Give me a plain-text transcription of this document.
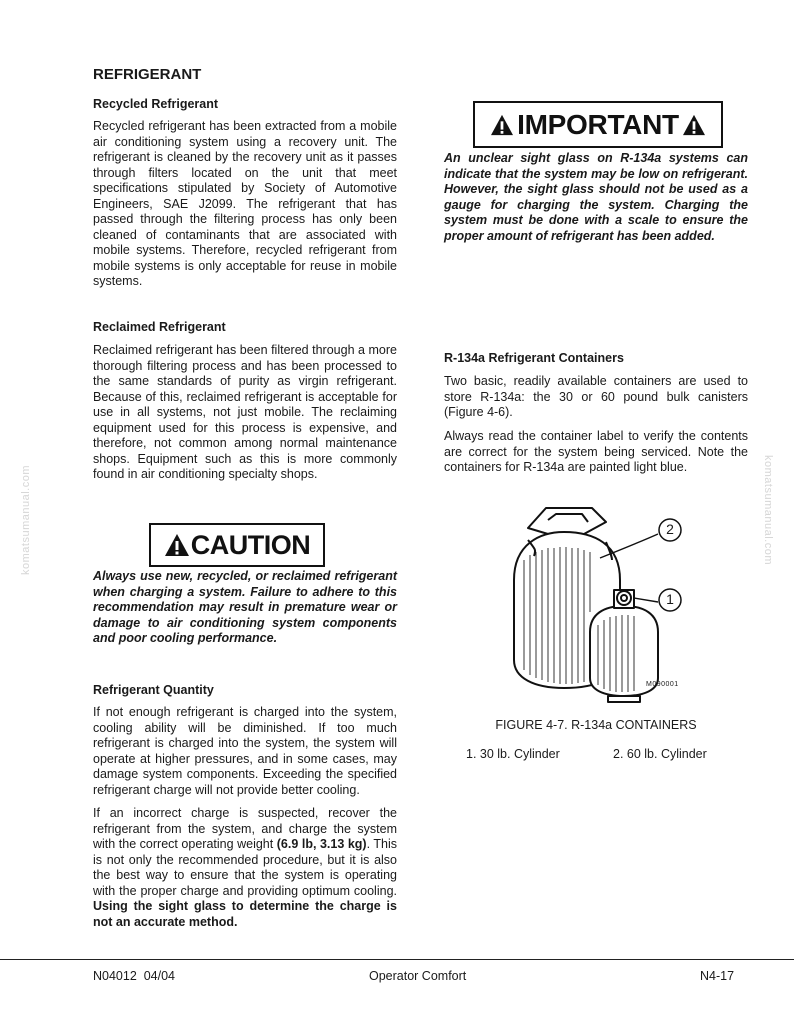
komatsumanual.com	komatsumanual.com
REFRIGERANT
Recycled Refrigerant
Recycled refrigerant has been extracted from a mobile air conditioning system using a recovery unit. The refrigerant is cleaned by the recovery unit as it passes through filters located on the unit that meet specifications stipulated by Society of Automotive Engineers, SAE J2099. The refrigerant that has passed through the filtering process has only been cleaned of contaminants that are associated with mobile systems. Therefore, recycled refrigerant from mobile systems is only acceptable for reuse in mobile systems.
Reclaimed Refrigerant
Reclaimed refrigerant has been filtered through a more thorough filtering process and has been processed to the same standards of purity as virgin refrigerant. Because of this, reclaimed refrigerant is acceptable for use in all systems, not just mobile. The reclaiming equipment used for this process is expensive, and therefore, not common among normal maintenance shops. Equipment such as this is more commonly found in air conditioning specialty shops.
CAUTION
Always use new, recycled, or reclaimed refrigerant when charging a system. Failure to adhere to this recommendation may result in premature wear or damage to air conditioning system components and poor cooling performance.
Refrigerant Quantity
If not enough refrigerant is charged into the system, cooling ability will be diminished. If too much refrigerant is charged into the system, the system will operate at higher pressures, and in some cases, may damage system components. Exceeding the specified refrigerant charge will not provide better cooling.
If an incorrect charge is suspected, recover the refrigerant from the system, and charge the system with the correct operating weight (6.9 lb, 3.13 kg). This is not only the recommended procedure, but it is also the best way to ensure that the system is operating with the proper charge and providing optimum cooling. Using the sight glass to determine the charge is not an accurate method.
IMPORTANT
An unclear sight glass on R-134a systems can indicate that the system may be low on refrigerant. However, the sight glass should not be used as a gauge for charging the system. Charging the system must be done with a scale to ensure the proper amount of refrigerant has been added.
R-134a Refrigerant Containers
Two basic, readily available containers are used to store R-134a: the 30 or 60 pound bulk canisters (Figure 4-6).
Always read the container label to verify the contents are correct for the system being serviced. Note the containers for R-134a are painted light blue.
2
1
M090001
FIGURE 4-7. R-134a CONTAINERS
1. 30 lb. Cylinder	2. 60 lb. Cylinder
N04012  04/04	Operator Comfort	N4-17
